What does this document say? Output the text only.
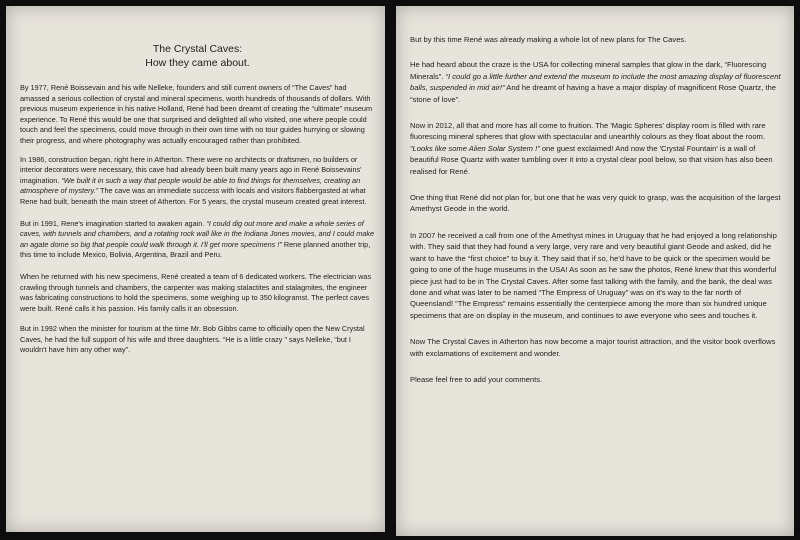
The Crystal Caves:

How they came about.

By 1977, René Boissevain and his wife Nelleke, founders and still current owners of “The Caves” had amassed a serious collection of crystal and mineral specimens, worth hundreds of thousands of dollars. With previous museum experience in his native Holland, René had been dreamt of creating the “ultimate” museum experience. To René this would be one that surprised and delighted all who visited, one where people could touch and feel the specimens, could move through in their own time with no tour guides hurrying or slowing their progress, and where photography was actually encouraged rather than prohibited.

In 1986, construction began, right here in Atherton. There were no architects or draftsmen, no builders or interior decorators were necessary, this cave had already been built many years ago in René Boissevains' imagination. “We built it in such a way that people would be able to find things for themselves, creating an atmosphere of mystery.” The cave was an immediate success with locals and visitors flabbergasted at what Rene had built, beneath the main street of Atherton. For 5 years, the crystal museum created great interest.

But in 1991, Rene's imagination started to awaken again. “I could dig out more and make a whole series of caves, with tunnels and chambers, and a rotating rock wall like in the Indiana Jones movies, and I could make an agate dome so big that people could walk through it. I'll get more specimens !” Rene planned another trip, this time to include Mexico, Bolivia, Argentina, Brazil and Peru.

When he returned with his new specimens, René created a team of 6 dedicated workers. The electrician was crawling through tunnels and chambers, the carpenter was making stalactites and stalagmites, the engineer was fabricating constructions to hold the specimens, some weighing up to 350 kilogramst. The perfect caves were built. René calls it his passion. His family calls it an obsession.

But in 1992 when the minister for tourism at the time Mr. Bob Gibbs came to officially open the New Crystal Caves, he had the full support of his wife and three daughters. “He is a little crazy ” says Nelleke, “but I wouldn't have him any other way”.

But by this time René was already making a whole lot of new plans for The Caves.

He had heard about the craze is the USA for collecting mineral samples that glow in the dark, “Fluorescing Minerals”. “I could go a little further and extend the museum to include the most amazing display of fluorescent balls, suspended in mid air!” And he dreamt of having a have a major display of magnificent Rose Quartz, the “stone of love”.

Now in 2012, all that and more has all come to fruition. The 'Magic Spheres' display room is filled with rare fluorescing mineral spheres that glow with spectacular and unearthly colours as they float about the room. “Looks like some Alien Solar System !” one guest exclaimed! And now the 'Crystal Fountain' is a wall of beautiful Rose Quartz with water tumbling over it into a crystal clear pool below, so that vision has also been realised for René.

One thing that René did not plan for, but one that he was very quick to grasp, was the acquisition of the largest Amethyst Geode in the world.

In 2007 he received a call from one of the Amethyst mines in Uruguay that he had enjoyed a long relationship with. They said that they had found a very large, very rare and very beautiful giant Geode and asked, did he want to have the “first choice” to buy it. They said that if so, he'd have to be quick or the specimen would be going to one of the huge museums in the USA! As soon as he saw the photos, René knew that this wonderful piece just had to be in The Crystal Caves. After some fast talking with the family, and the bank, the deal was done and what was later to be named “The Empress of Uruguay” was on it's way to the far north of Queensland! “The Empress” remains essentially the centerpiece among the more than six hundred unique specimens that are on display in the museum, and continues to awe everyone who sees and touches it.

Now The Crystal Caves in Atherton has now become a major tourist attraction, and the visitor book overflows with exclamations of excitement and wonder.

Please feel free to add your comments.
